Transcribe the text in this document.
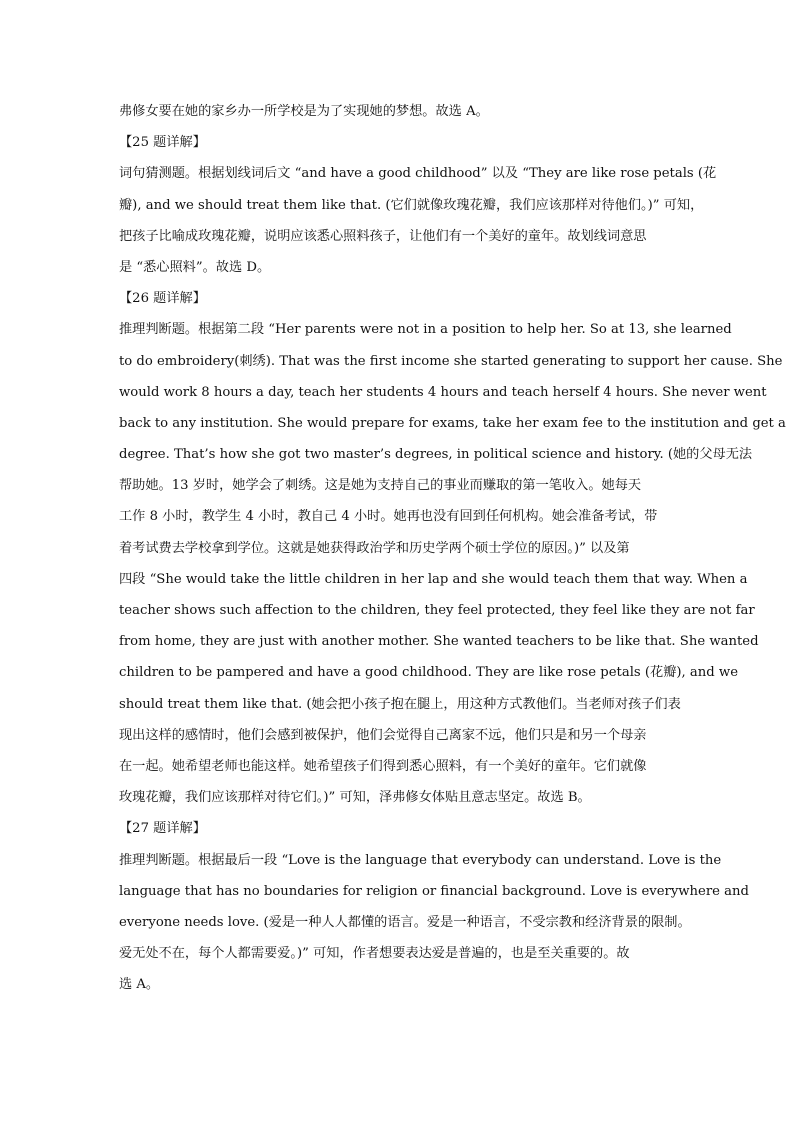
弗修女要在她的家乡办一所学校是为了实现她的梦想。故选 A。
【25 题详解】
词句猜测题。根据划线词后文 “and have a good childhood” 以及 “They are like rose petals (花
瓣), and we should treat them like that. (它们就像玫瑰花瓣，我们应该那样对待他们。)” 可知，
把孩子比喻成玫瑰花瓣，说明应该悉心照料孩子，让他们有一个美好的童年。故划线词意思
是 “悉心照料”。故选 D。
【26 题详解】
推理判断题。根据第二段 “Her parents were not in a position to help her. So at 13, she learned
to do embroidery(刺绣). That was the first income she started generating to support her cause. She
would work 8 hours a day, teach her students 4 hours and teach herself 4 hours. She never went
back to any institution. She would prepare for exams, take her exam fee to the institution and get a
degree. That’s how she got two master’s degrees, in political science and history. (她的父母无法
帮助她。13 岁时，她学会了刺绣。这是她为支持自己的事业而赚取的第一笔收入。她每天
工作 8 小时，教学生 4 小时，教自己 4 小时。她再也没有回到任何机构。她会准备考试，带
着考试费去学校拿到学位。这就是她获得政治学和历史学两个硕士学位的原因。)” 以及第
四段 “She would take the little children in her lap and she would teach them that way. When a
teacher shows such affection to the children, they feel protected, they feel like they are not far
from home, they are just with another mother. She wanted teachers to be like that. She wanted
children to be pampered and have a good childhood. They are like rose petals (花瓣), and we
should treat them like that. (她会把小孩子抱在腿上，用这种方式教他们。当老师对孩子们表
现出这样的感情时，他们会感到被保护，他们会觉得自己离家不远，他们只是和另一个母亲
在一起。她希望老师也能这样。她希望孩子们得到悉心照料，有一个美好的童年。它们就像
玫瑰花瓣，我们应该那样对待它们。)” 可知，泽弗修女体贴且意志坚定。故选 B。
【27 题详解】
推理判断题。根据最后一段 “Love is the language that everybody can understand. Love is the
language that has no boundaries for religion or financial background. Love is everywhere and
everyone needs love. (爱是一种人人都懂的语言。爱是一种语言，不受宗教和经济背景的限制。
爱无处不在，每个人都需要爱。)” 可知，作者想要表达爱是普遍的，也是至关重要的。故
选 A。
